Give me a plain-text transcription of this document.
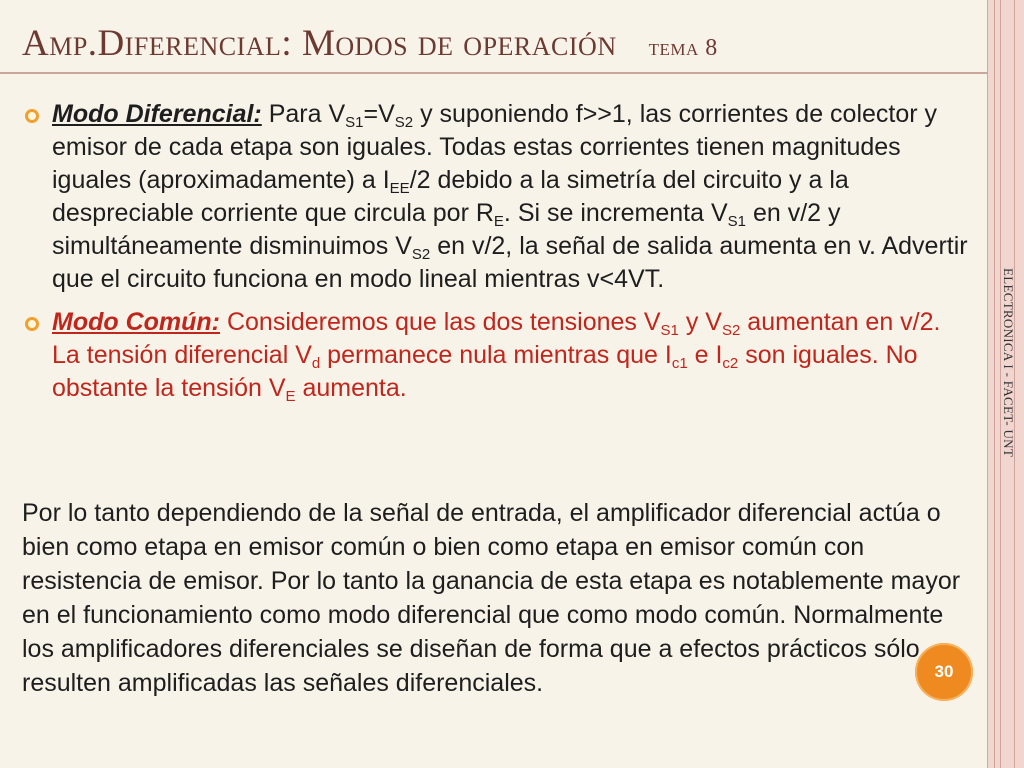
Amp.Diferencial: Modos de operación tema 8
ELECTRONICA I - FACET- UNT
Modo Diferencial: Para $V_{S1}=V_{S2}$ y suponiendo f>>1, las corrientes de colector y emisor de cada etapa son iguales. Todas estas corrientes tienen magnitudes iguales (aproximadamente) a $I_{EE}/2$ debido a la simetría del circuito y a la despreciable corriente que circula por $R_E$. Si se incrementa $V_{S1}$ en v/2 y simultáneamente disminuimos $V_{S2}$ en v/2, la señal de salida aumenta en v. Advertir que el circuito funciona en modo lineal mientras v<4VT.
Modo Común: Consideremos que las dos tensiones $V_{S1}$ y $V_{S2}$ aumentan en v/2. La tensión diferencial $V_d$ permanece nula mientras que $I_{c1}$ e $I_{c2}$ son iguales. No obstante la tensión $V_E$ aumenta.

Por lo tanto dependiendo de la señal de entrada, el amplificador diferencial actúa o bien como etapa en emisor común o bien como etapa en emisor común con resistencia de emisor. Por lo tanto la ganancia de esta etapa es notablemente mayor en el funcionamiento como modo diferencial que como modo común. Normalmente los amplificadores diferenciales se diseñan de forma que a efectos prácticos sólo resulten amplificadas las señales diferenciales.	30
